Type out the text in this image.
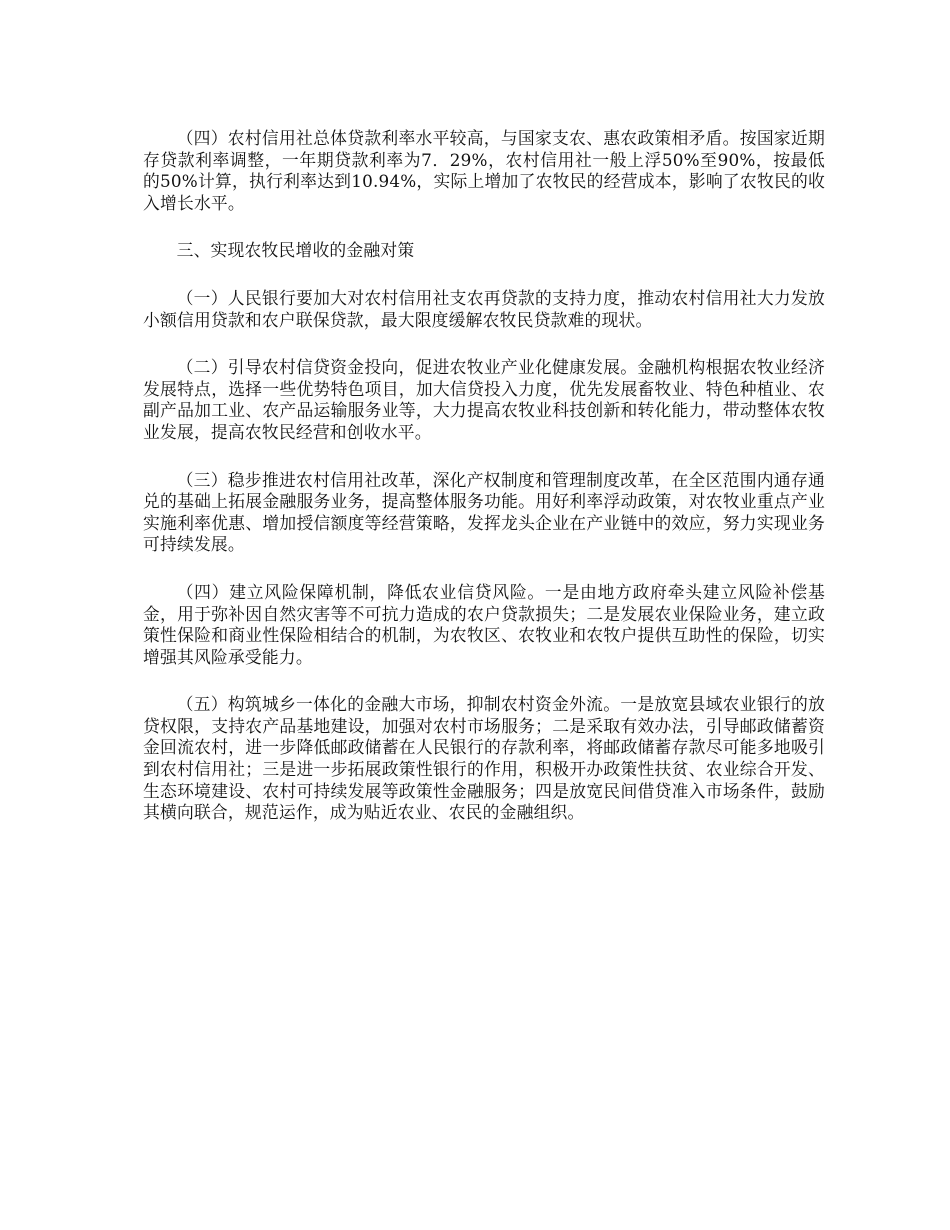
（四）农村信用社总体贷款利率水平较高，与国家支农、惠农政策相矛盾。按国家近期存贷款利率调整，一年期贷款利率为7．29%，农村信用社一般上浮50%至90%，按最低的50%计算，执行利率达到10.94%，实际上增加了农牧民的经营成本，影响了农牧民的收入增长水平。

三、实现农牧民增收的金融对策

（一）人民银行要加大对农村信用社支农再贷款的支持力度，推动农村信用社大力发放小额信用贷款和农户联保贷款，最大限度缓解农牧民贷款难的现状。

（二）引导农村信贷资金投向，促进农牧业产业化健康发展。金融机构根据农牧业经济发展特点，选择一些优势特色项目，加大信贷投入力度，优先发展畜牧业、特色种植业、农副产品加工业、农产品运输服务业等，大力提高农牧业科技创新和转化能力，带动整体农牧业发展，提高农牧民经营和创收水平。

（三）稳步推进农村信用社改革，深化产权制度和管理制度改革，在全区范围内通存通兑的基础上拓展金融服务业务，提高整体服务功能。用好利率浮动政策，对农牧业重点产业实施利率优惠、增加授信额度等经营策略，发挥龙头企业在产业链中的效应，努力实现业务可持续发展。

（四）建立风险保障机制，降低农业信贷风险。一是由地方政府牵头建立风险补偿基金，用于弥补因自然灾害等不可抗力造成的农户贷款损失；二是发展农业保险业务，建立政策性保险和商业性保险相结合的机制，为农牧区、农牧业和农牧户提供互助性的保险，切实增强其风险承受能力。

（五）构筑城乡一体化的金融大市场，抑制农村资金外流。一是放宽县域农业银行的放贷权限，支持农产品基地建设，加强对农村市场服务；二是采取有效办法，引导邮政储蓄资金回流农村，进一步降低邮政储蓄在人民银行的存款利率，将邮政储蓄存款尽可能多地吸引到农村信用社；三是进一步拓展政策性银行的作用，积极开办政策性扶贫、农业综合开发、生态环境建设、农村可持续发展等政策性金融服务；四是放宽民间借贷准入市场条件，鼓励其横向联合，规范运作，成为贴近农业、农民的金融组织。
